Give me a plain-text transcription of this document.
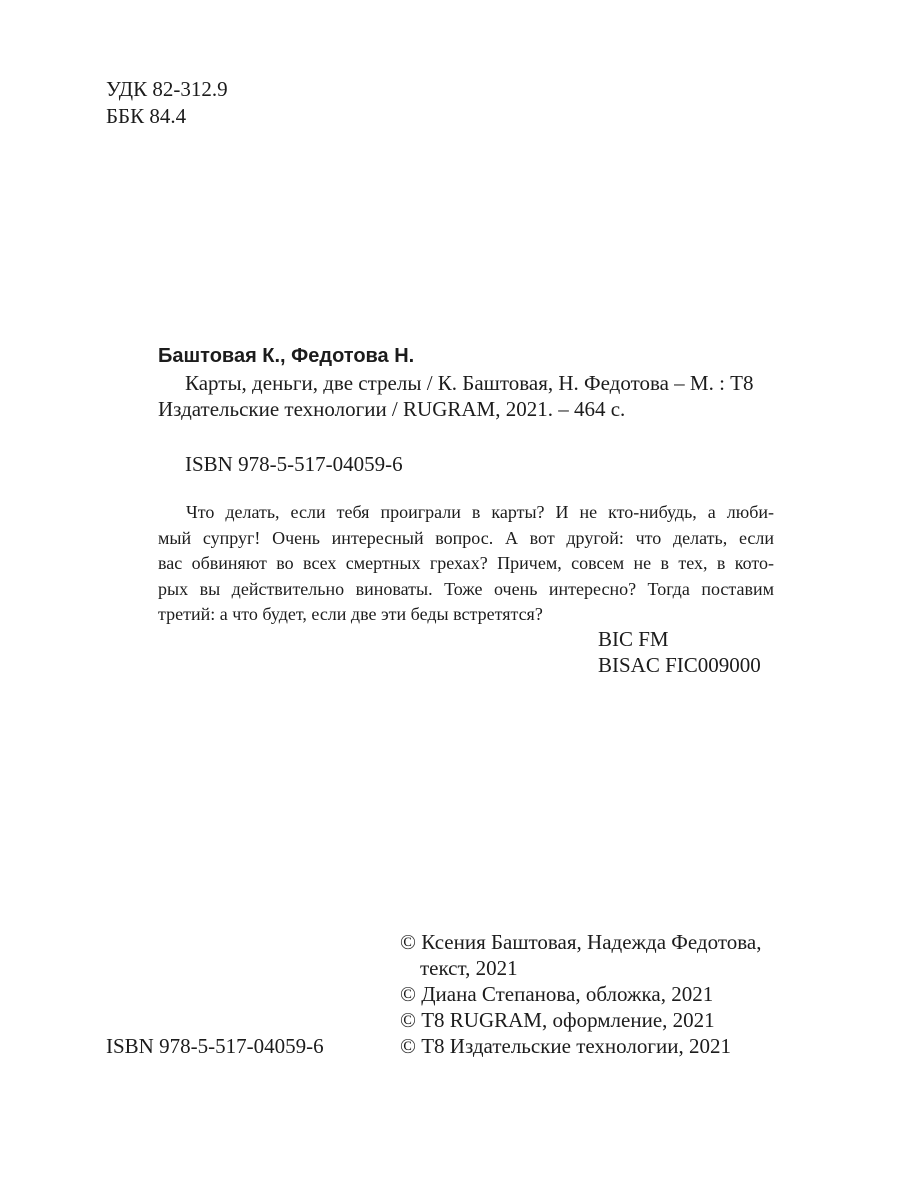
УДК 82-312.9
ББК 84.4
Баштовая К., Федотова Н.
Карты, деньги, две стрелы / К. Баштовая, Н. Федотова – М. : Т8
Издательские технологии / RUGRAM, 2021. – 464 с.
ISBN 978-5-517-04059-6
Что делать, если тебя проиграли в карты? И не кто-нибудь, а люби-
мый супруг! Очень интересный вопрос. А вот другой: что делать, если
вас обвиняют во всех смертных грехах? Причем, совсем не в тех, в кото-
рых вы действительно виноваты. Тоже очень интересно? Тогда поставим
третий: а что будет, если две эти беды встретятся?
BIC FM
BISAC FIC009000
© Ксения Баштовая, Надежда Федотова,
текст, 2021
© Диана Степанова, обложка, 2021
© Т8 RUGRAM, оформление, 2021
ISBN 978-5-517-04059-6	© Т8 Издательские технологии, 2021
